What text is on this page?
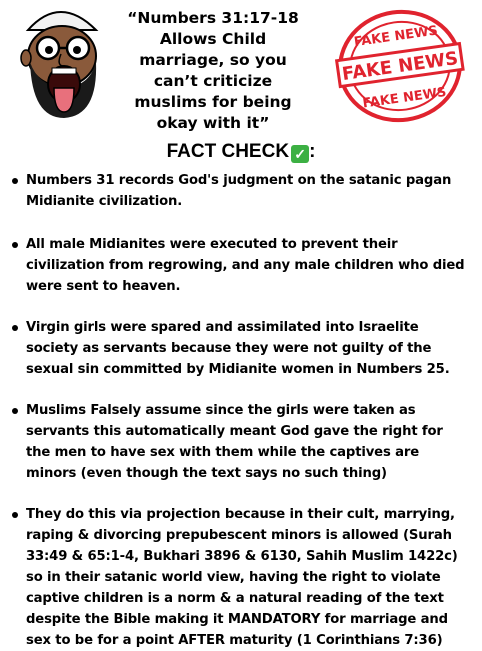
“Numbers 31:17-18 Allows Child marriage, so you can’t criticize muslims for being okay with it”
FAKE NEWS
FAKE NEWS
FAKE NEWS
FACT CHECK ✓ :
Numbers 31 records God's judgment on the satanic pagan Midianite civilization.
All male Midianites were executed to prevent their civilization from regrowing, and any male children who died were sent to heaven.
Virgin girls were spared and assimilated into Israelite society as servants because they were not guilty of the sexual sin committed by Midianite women in Numbers 25.
Muslims Falsely assume since the girls were taken as servants this automatically meant God gave the right for the men to have sex with them while the captives are minors (even though the text says no such thing)
They do this via projection because in their cult, marrying, raping & divorcing prepubescent minors is allowed (Surah 33:49 & 65:1-4, Bukhari 3896 & 6130, Sahih Muslim 1422c) so in their satanic world view, having the right to violate captive children is a norm & a natural reading of the text despite the Bible making it MANDATORY for marriage and sex to be for a point AFTER maturity (1 Corinthians 7:36)
